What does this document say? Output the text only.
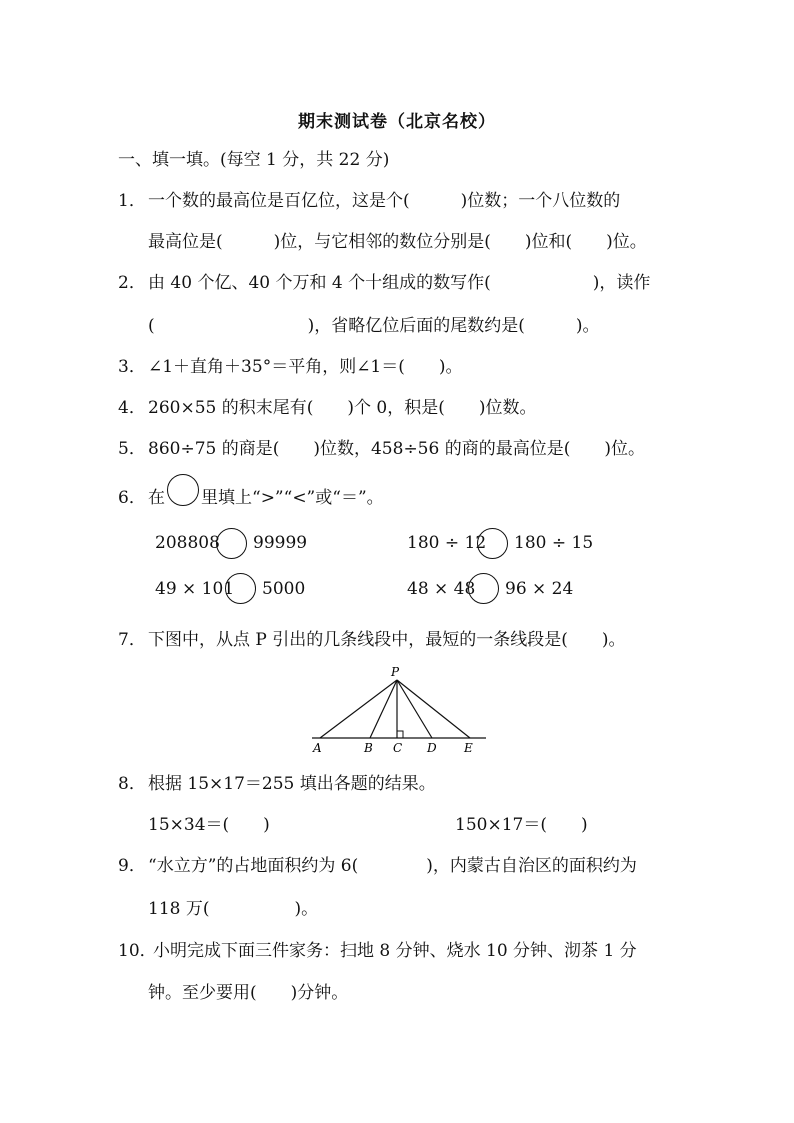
期末测试卷（北京名校）
一、填一填。(每空 1 分，共 22 分)
1． 一个数的最高位是百亿位，这是个(　　　)位数；一个八位数的
最高位是(　　　)位，与它相邻的数位分别是(　　)位和(　　)位。
2． 由 40 个亿、40 个万和 4 个十组成的数写作(　　　　　　)，读作
(　　　　　　　　　)，省略亿位后面的尾数约是(　　　)。
3． ∠1＋直角＋35°＝平角，则∠1＝(　　)。
4． 260×55 的积末尾有(　　)个 0，积是(　　)位数。
5． 860÷75 的商是(　　)位数，458÷56 的商的最高位是(　　)位。
6． 在 里填上“>”“<”或“＝”。
208808 99999	180 ÷ 12 180 ÷ 15
49 × 101 5000	48 × 48 96 × 24
7． 下图中，从点 P 引出的几条线段中，最短的一条线段是(　　)。
P
A	B C D E
8． 根据 15×17＝255 填出各题的结果。
15×34＝(　　)	150×17＝(　　)
9． “水立方”的占地面积约为 6(　　　　)，内蒙古自治区的面积约为
118 万(　　　　　)。
10．
小明完成下面三件家务：扫地 8 分钟、烧水 10 分钟、沏茶 1 分
钟。至少要用(　　)分钟。
